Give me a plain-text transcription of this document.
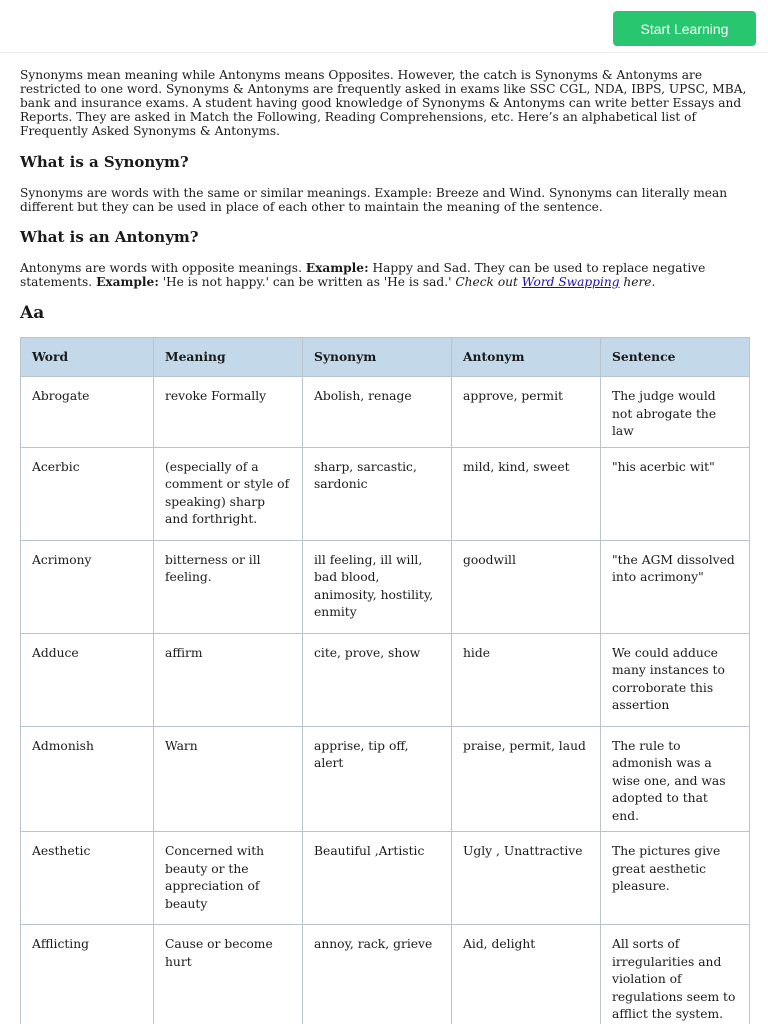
Start Learning

Synonyms mean meaning while Antonyms means Opposites. However, the catch is Synonyms & Antonyms are restricted to one word. Synonyms & Antonyms are frequently asked in exams like SSC CGL, NDA, IBPS, UPSC, MBA, bank and insurance exams. A student having good knowledge of Synonyms & Antonyms can write better Essays and Reports. They are asked in Match the Following, Reading Comprehensions, etc. Here’s an alphabetical list of Frequently Asked Synonyms & Antonyms.

What is a Synonym?

Synonyms are words with the same or similar meanings. Example: Breeze and Wind. Synonyms can literally mean different but they can be used in place of each other to maintain the meaning of the sentence.

What is an Antonym?

Antonyms are words with opposite meanings. Example: Happy and Sad. They can be used to replace negative statements. Example: 'He is not happy.' can be written as 'He is sad.' Check out Word Swapping here.

Aa
Word	Meaning	Synonym	Antonym	Sentence
Abrogate	revoke Formally	Abolish, renage	approve, permit	The judge would not abrogate the law
Acerbic	(especially of a comment or style of speaking) sharp and forthright.	sharp, sarcastic, sardonic	mild, kind, sweet	"his acerbic wit"
Acrimony	bitterness or ill feeling.	ill feeling, ill will, bad blood, animosity, hostility, enmity	goodwill	"the AGM dissolved into acrimony"
Adduce	affirm	cite, prove, show	hide	We could adduce many instances to corroborate this assertion
Admonish	Warn	apprise, tip off, alert	praise, permit, laud	The rule to admonish was a wise one, and was adopted to that end.
Aesthetic	Concerned with beauty or the appreciation of beauty	Beautiful ,Artistic	Ugly , Unattractive	The pictures give great aesthetic pleasure.
Afflicting	Cause or become hurt	annoy, rack, grieve	Aid, delight	All sorts of irregularities and violation of regulations seem to afflict the system.
